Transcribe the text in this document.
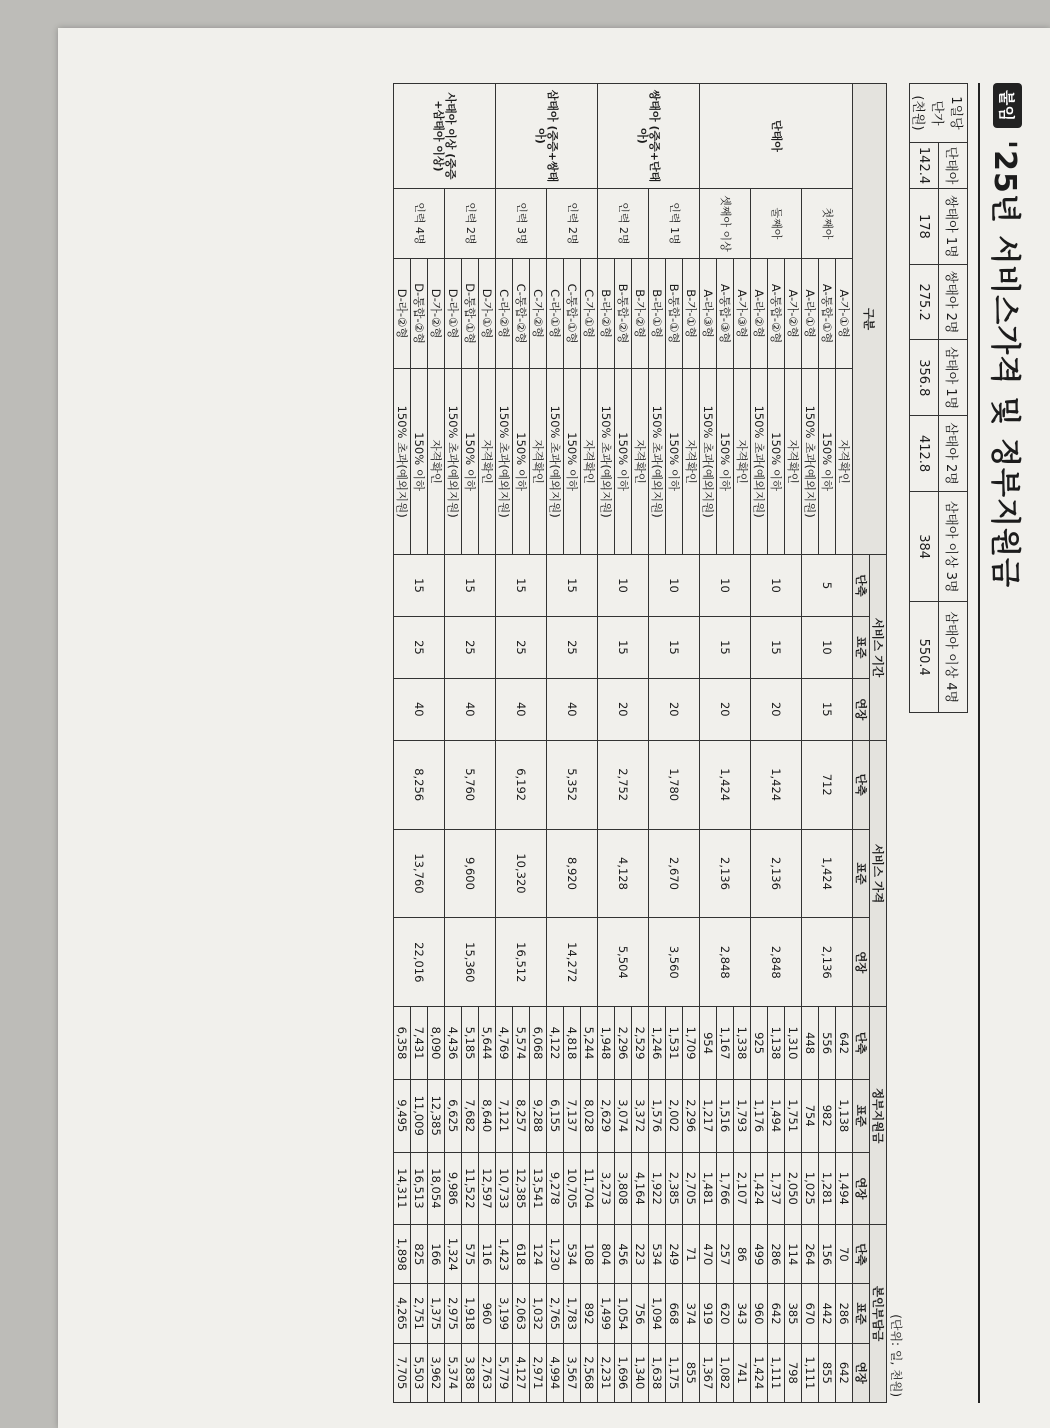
붙임
'25년 서비스가격 및 정부지원금
1일당
단가
(천원)	단태아	쌍태아 1명	쌍태아 2명	삼태아 1명	삼태아 2명	삼태아 이상 3명	삼태아 이상 4명
	142.4	178	275.2	356.8	412.8	384	550.4
(단위: 일, 천원)
구분				서비스 기간			서비스 가격			정부지원금			본인부담금		
				단축	표준	연장	단축	표준	연장	단축	표준	연장	단축	표준	연장
단태아	첫째아	A-가-①형	자격확인	5	10	15	712	1,424	2,136	642	1,138	1,494	70	286	642
		A-통합-①형	150% 이하							556	982	1,281	156	442	855
		A-라-①형	150% 초과(예외지원)							448	754	1,025	264	670	1,111
	둘째아	A-가-②형	자격확인	10	15	20	1,424	2,136	2,848	1,310	1,751	2,050	114	385	798
		A-통합-②형	150% 이하							1,138	1,494	1,737	286	642	1,111
		A-라-②형	150% 초과(예외지원)							925	1,176	1,424	499	960	1,424
	셋째아 이상	A-가-③형	자격확인	10	15	20	1,424	2,136	2,848	1,338	1,793	2,107	86	343	741
		A-통합-③형	150% 이하							1,167	1,516	1,766	257	620	1,082
		A-라-③형	150% 초과(예외지원)							954	1,217	1,481	470	919	1,367
쌍태아 (중증+단태아)	인력 1명	B-가-①형	자격확인	10	15	20	1,780	2,670	3,560	1,709	2,296	2,705	71	374	855
		B-통합-①형	150% 이하							1,531	2,002	2,385	249	668	1,175
		B-라-①형	150% 초과(예외지원)							1,246	1,576	1,922	534	1,094	1,638
	인력 2명	B-가-②형	자격확인	10	15	20	2,752	4,128	5,504	2,529	3,372	4,164	223	756	1,340
		B-통합-②형	150% 이하							2,296	3,074	3,808	456	1,054	1,696
		B-라-②형	150% 초과(예외지원)							1,948	2,629	3,273	804	1,499	2,231
삼태아 (중증+쌍태아)	인력 2명	C-가-①형	자격확인	15	25	40	5,352	8,920	14,272	5,244	8,028	11,704	108	892	2,568
		C-통합-①형	150% 이하							4,818	7,137	10,705	534	1,783	3,567
		C-라-①형	150% 초과(예외지원)							4,122	6,155	9,278	1,230	2,765	4,994
	인력 3명	C-가-②형	자격확인	15	25	40	6,192	10,320	16,512	6,068	9,288	13,541	124	1,032	2,971
		C-통합-②형	150% 이하							5,574	8,257	12,385	618	2,063	4,127
		C-라-②형	150% 초과(예외지원)							4,769	7,121	10,733	1,423	3,199	5,779
사태아 이상 (중증+삼태아 이상)	인력 2명	D-가-①형	자격확인	15	25	40	5,760	9,600	15,360	5,644	8,640	12,597	116	960	2,763
		D-통합-①형	150% 이하							5,185	7,682	11,522	575	1,918	3,838
		D-라-①형	150% 초과(예외지원)							4,436	6,625	9,986	1,324	2,975	5,374
	인력 4명	D-가-②형	자격확인	15	25	40	8,256	13,760	22,016	8,090	12,385	18,054	166	1,375	3,962
		D-통합-②형	150% 이하							7,431	11,009	16,513	825	2,751	5,503
		D-라-②형	150% 초과(예외지원)							6,358	9,495	14,311	1,898	4,265	7,705
